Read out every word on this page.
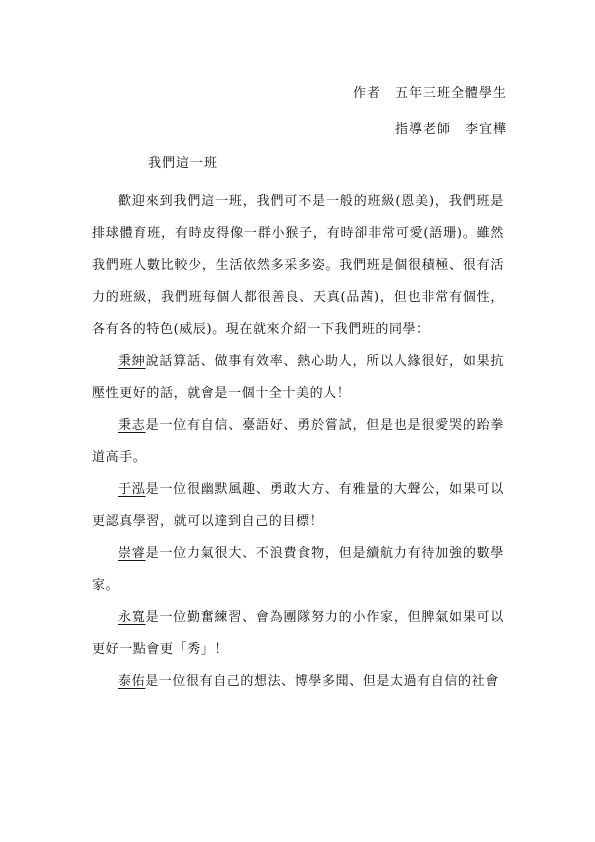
作者 五年三班全體學生
指導老師 李宜樺
我們這一班

歡迎來到我們這一班，我們可不是一般的班級(恩美)，我們班是排球體育班，有時皮得像一群小猴子，有時卻非常可愛(語珊)。雖然我們班人數比較少，生活依然多采多姿。我們班是個很積極、很有活力的班級，我們班每個人都很善良、天真(品茜)，但也非常有個性，各有各的特色(威辰)。現在就來介紹一下我們班的同學：

秉紳說話算話、做事有效率、熱心助人，所以人緣很好，如果抗壓性更好的話，就會是一個十全十美的人！

秉志是一位有自信、臺語好、勇於嘗試，但是也是很愛哭的跆拳道高手。

于泓是一位很幽默風趣、勇敢大方、有雅量的大聲公，如果可以更認真學習，就可以達到自己的目標！

崇睿是一位力氣很大、不浪費食物，但是續航力有待加強的數學家。

永寬是一位勤奮練習、會為團隊努力的小作家，但脾氣如果可以更好一點會更「秀」！

泰佑是一位很有自己的想法、博學多聞、但是太過有自信的社會
